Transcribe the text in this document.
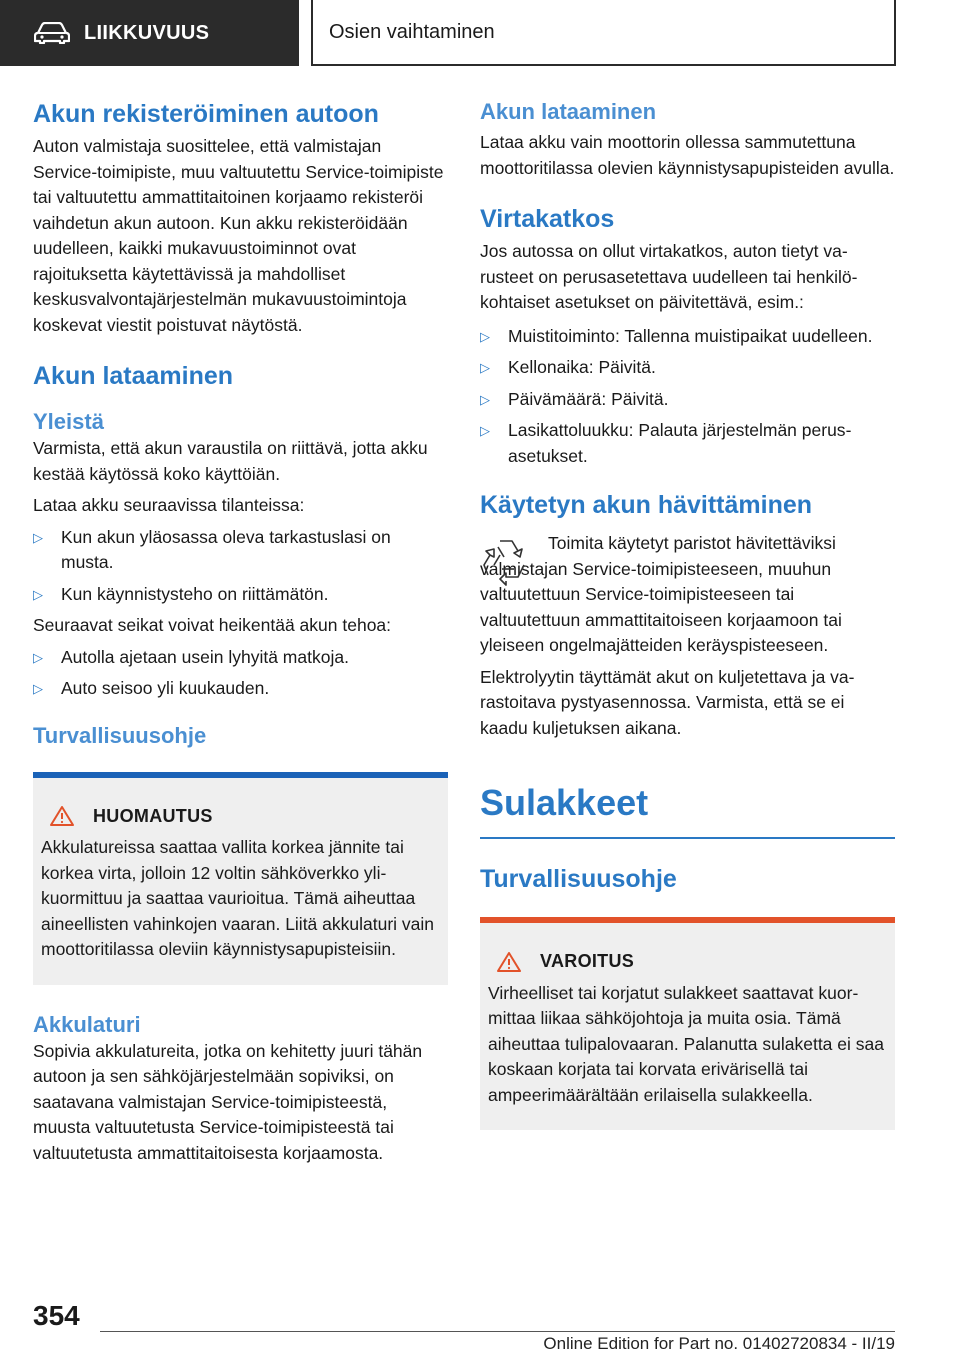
LIIKKUVUUS	Osien vaihtaminen
Akun rekisteröiminen autoon

Auton valmistaja suosittelee, että valmistajan Service-toimipiste, muu valtuutettu Service-toimipiste tai valtuutettu ammattitaitoinen korjaamo rekisteröi vaihdetun akun autoon. Kun akku rekisteröidään uudelleen, kaikki mukavuustoiminnot ovat rajoituksetta käytettävissä ja mahdolliset keskusvalvontajärjestelmän mukavuustoimintoja koskevat viestit poistuvat näytöstä.

Akun lataaminen
Yleistä

Varmista, että akun varaustila on riittävä, jotta akku kestää käytössä koko käyttöiän.

Lataa akku seuraavissa tilanteissa:

▷ Kun akun yläosassa oleva tarkastuslasi on musta.
▷ Kun käynnistysteho on riittämätön.

Seuraavat seikat voivat heikentää akun tehoa:

▷ Autolla ajetaan usein lyhyitä matkoja.
▷ Auto seisoo yli kuukauden.
Turvallisuusohje
HUOMAUTUS

Akkulatureissa saattaa vallita korkea jännite tai korkea virta, jolloin 12 voltin sähköverkko ylikuormittuu ja saattaa vaurioitua. Tämä aiheuttaa aineellisten vahinkojen vaaran. Liitä akkulaturi vain moottoritilassa oleviin käynnistysapupisteisiin.

Akkulaturi

Sopivia akkulatureita, jotka on kehitetty juuri tähän autoon ja sen sähköjärjestelmään sopiviksi, on saatavana valmistajan Service-toimipisteestä, muusta valtuutetusta Service-toimipisteestä tai valtuutetusta ammattitaitoisesta korjaamosta.

Akun lataaminen

Lataa akku vain moottorin ollessa sammutettuna moottoritilassa olevien käynnistysapupisteiden avulla.

Virtakatkos

Jos autossa on ollut virtakatkos, auton tietyt varusteet on perusasetettava uudelleen tai henkilökohtaiset asetukset on päivitettävä, esim.:

▷ Muistitoiminto: Tallenna muistipaikat uudelleen.
▷ Kellonaika: Päivitä.
▷ Päivämäärä: Päivitä.
▷ Lasikattoluukku: Palauta järjestelmän perusasetukset.
Käytetyn akun hävittäminen

Toimita käytetyt paristot hävitettäviksi valmistajan Service-toimipisteeseen, muuhun valtuutettuun Service-toimipisteeseen tai valtuutettuun ammattitaitoiseen korjaamoon tai yleiseen ongelmajätteiden keräyspisteeseen.

Elektrolyytin täyttämät akut on kuljetettava ja varastoitava pystyasennossa. Varmista, että se ei kaadu kuljetuksen aikana.

Sulakkeet
Turvallisuusohje
VAROITUS

Virheelliset tai korjatut sulakkeet saattavat kuormittaa liikaa sähköjohtoja ja muita osia. Tämä aiheuttaa tulipalovaaran. Palanutta sulaketta ei saa koskaan korjata tai korvata erivärisellä tai ampeerimäärältään erilaisella sulakkeella.

354
Online Edition for Part no. 01402720834 - II/19
